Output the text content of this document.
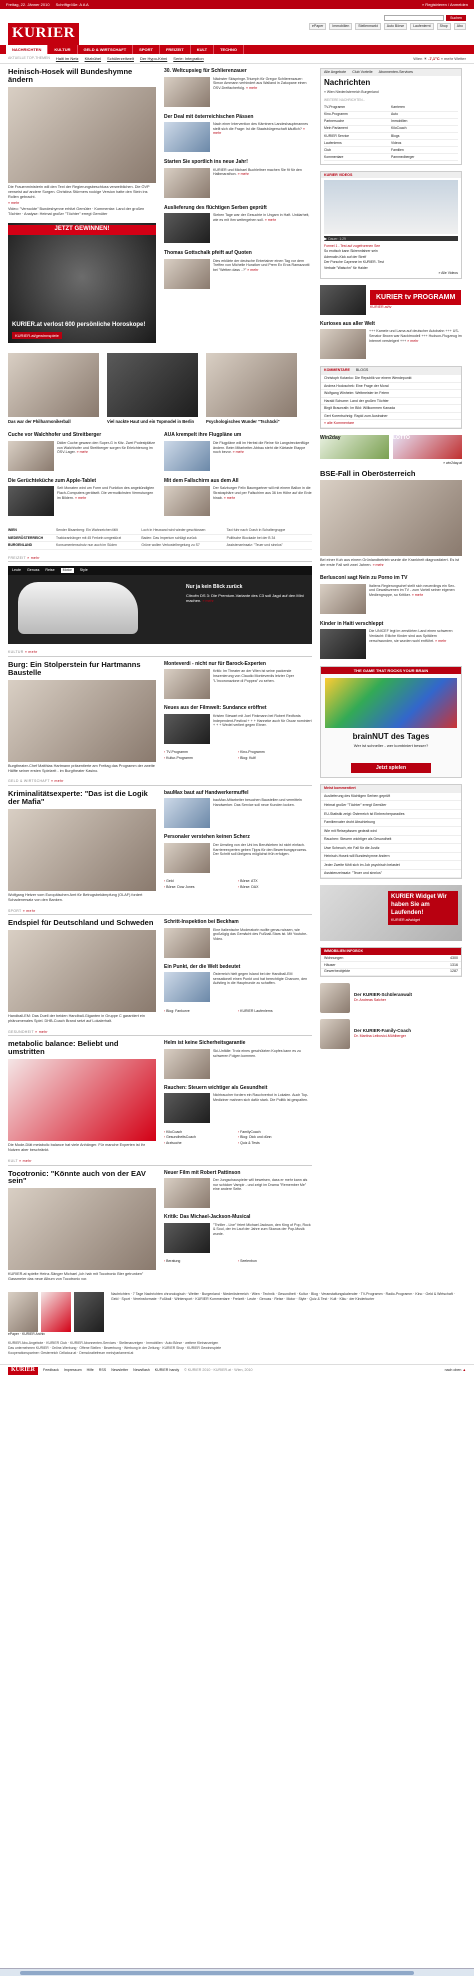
Freitag, 22. Jänner 2010 Schriftgröße: A A A	» Registrieren / Anmelden
KURIER
Suchen
ePaper	Immobilien	Stellenmarkt	Auto Börse	Laufenlernt	Shop	Abo
NACHRICHTEN	KULTUR	GELD & WIRTSCHAFT	SPORT	FREIZEIT	KULT	TECHNO
AKTUELLE TOP-THEMEN Haiti im Netz Kitzbühel Schülerzeitwelt Der Hypo-Krimi Serie: Integration	Wien ☀ -7,1°C » mehr Wetter
Heinisch-Hosek will Bundeshymne ändern
Die Frauenministerin will den Text der Regierungsbeschluss verweiblichen. Die ÖVP verweist auf andere Sorgen. Christina Stürmers rockige Version hatte den Stein ins Rollen gebracht.
» mehr
Video: "Verrockte" Bundeshymne erhitzt Gemüter · Kommentar: Land der großen Töchter · Analyse: Heimat großer "Töchter" erregt Gemüter
JETZT GEWINNEN!
KURIER.at verlost 600 persönliche Horoskope!
KURIER.at/gewinnspiele
30. Weltcupsieg für Schlierenzauer
Nächster Skispringe-Triumph für Gregor Schlierenzauer: Simon Ammann verhindert aus Walland in Zakopane einen ÖSV-Dreifacherfolg. » mehr
Der Deal mit österreichischen Pässen
Nach einer Intervention des Kärntners Landeshauptmannes stellt sich die Frage: Ist die Staatsbürgerschaft käuflich? » mehr
Starten Sie sportlich ins neue Jahr!
KURIER und Michael Buchleitner machen Sie fit für den Halbmarathon. » mehr
Auslieferung des flüchtigen Serben geprüft
Sieben Tage war der Gesuchte in Ungarn in Haft. Unklarheit, wie es mit ihm weitergehen soll. » mehr
Thomas Gottschalk pfeift auf Quoten
Dies erklärte der deutsche Entertainer einen Tag vor dem Treffen von Michelle Hunziker und Prem Ex Eros Ramazzotti bei "Wetten dass ..?" » mehr
Das war der Philharmonikerball	Viel nackte Haut und ein Topmodel in Berlin	Psychologisches Wunder "Tschäcki"
Cuche vor Walchhofer und Streitberger
Didier Cuche gewann den Super-G in Kitz. Zwei Podestplätze von Walchhofer und Streitberger sorgen für Erleichterung im ÖSV-Lager. » mehr
Die Gerüchteküche zum Apple-Tablet
Seit Monaten wird um Form und Funktion des angekündigten Flach-Computers gerätselt. Die vermutlichsten Vermutungen im Bildern. » mehr
AUA krempelt ihre Flugpläne um
Die Flugpläne will im Herbst die Reine für Langstreckenflüge ändern. Beim Mitarbeiter-Abbau steht die Kärtaste Etappe noch bevor. » mehr
Mit dem Fallschirm aus dem All
Der Salzburger Felix Baumgartner will mit einem Ballon in die Stratosphäre und per Fallschirm aus 36 km Höhe auf die Erde hinab. » mehr
WIEN	Sender Bisamberg: Ein Wahrzeichen fällt	Loch in Heuwand wird wieder geschlossen	Taxi fuhr nach Crash in Schaltergruppe
NIEDERÖSTERREICH	Traktoranhänger mit 45 Ferkeln umgestürzt	Baden: Das Imperium schlägt zurück	Politische Blockade bei der B 34
BURGENLAND	Konsumentenschutz nun auch im Süden	Grüne wollen Verkostellregelung zu S7	Assistenzeinsatz: "Teuer und sinnlos"
FREIZEIT » mehr
Leute Genuss Reise	Motor	Style
Nur ja kein Blick zurück
Citroën DS 3: Die Premium-Variante des C3 soll Jagd auf den Mini machen. » mehr
KULTUR » mehr
Burg: Ein Stolperstein fur Hartmanns Baustelle
Burgtheater-Chef Matthias Hartmann präsentierte am Freitag das Programm der zweite Hälfte seiner ersten Spielzeit - im Burgtheater Kasino.
Monteverdi - nicht nur für Barock-Experten
Kritik: Im Theater an der Wien ist seine packende Inszenierung von Claudio Monteverdis letzter Oper "L'Incoronazione di Poppea" zu sehen.
Neues aus der Filmwelt: Sundance eröffnet
Kristen Stewart mit Joel Finkmann bei Robert Redfords Independent-Festival + + + Hanneke auch für Oscar nominiert + + + Wedel verliert gegen Ebner.
› TV-Programm	› Kino-Programm
› Kultur-Programm	› Blog: Kult!
GELD & WIRTSCHAFT » mehr
Kriminalitätsexperte: "Das ist die Logik der Mafia"
Wolfgang Hetzer vom Europäischen Amt für Betrugsbekämpfung (OLAF) fordert Schadenersatz von den Banken.
bauMax baut auf Handwerkermuffel
bauMax-Mitarbeiter besuchen Baustellen und vermitteln Handwerker. Das Service soll neue Kunden locken.
Personaler verstehen keinen Scherz
Der Umstieg von der Uni ins Berufsleben ist nicht einfach. Karriereexperten geben Tipps für den Bewerbungsprozess. Der Schritt soll übrigens möglichst früh erfolgen.
› Geld	› Börse: ATX
› Börse: Dow Jones	› Börse: DAX
SPORT » mehr
Endspiel für Deutschland und Schweden
Handball-EM: Das Duell der beiden Handball-Giganten in Gruppe C garantiert ein phänomenales Spiel. DHB-Coach Brand setzt auf Lokalerhalt.
Schritt-Inspektion bei Beckham
Eine Italienische Moderatorin wollte genau wissen, wie großzügig das Gemächt des Fußball-Stars ist. Mit Youtube-Video.
Ein Punkt, der die Welt bedeutet
Österreich hielt gegen Island bei der Handball-EM sensationell einen Punkt und hat berechtigte Chancen, den Aufstieg in die Hauptrunde zu schaffen.
› Blog: Fankurve	› KURIER Laufenlerns
GESUNDHEIT » mehr
metabolic balance: Beliebt und umstritten
Die Mode-Diät metabolic balance hat viele Anhänger. Für manche Experten ist ihr Nutzen aber beschränkt.
Helm ist keine Sicherheitsgarantie
Ski-Unfälle: Trotz eines geschützten Kopfes kann es zu schweren Folgen kommen.
Rauchen: Steuern wichtiger als Gesundheit
Nichtraucher fordern ein Rauchverbot in Lokalen. Auch Top-Mediziner mahnen sich dafür stark. Die Politik ist gespalten.
› KiloCoach	› FamilyCoach
› GesundheitsCoach	› Blog: Dick und dünn
› Arztsuche	› Quiz & Tests
KULT » mehr
Tocotronic: "Könnte auch von der EAV sein"
KURIER.at spielte Heinz-Sänger Michael „Ich hab mit Tocotronic Bier getrunken" Gassmeier das neue Album von Tocotronic vor.
Neuer Film mit Robert Pattinson
Der Jungschauspieler will beweisen, dass er mehr kann als nur schicker Vampir - und zeigt im Drama "Remember Me" eine andere Seite.
Kritik: Das Michael-Jackson-Musical
"Thriller - Live" feiert Michael Jackson, den King of Pop, Rock & Soul, der im Lauf der Jahre zum Skanus der Pop-Musik wurde.
› Beratung	› Seelenbon
Alle Angebote Club Vorteile Abonnenten-Services
Nachrichten
» Wien Niederösterreich Burgenland
WEITERE NACHRICHTEN...
TV-Programm	Karrieren
Kino-Programm	Auto
Partnersuche	Immobilien
Mein Parlament	KiloCoach
KURIER Service	Blogs
Laufenlerns	Videos
Club	Familien
Kommentare	Pammedberger
KURIER VIDEOS
▶ Dauer: 1:29
Formel 1 - Test auf zugefrorenen See
So erotisch kann Skirennfahrer sein
Adrenalin-Kick auf der Streif
Der Porsche Cayenne im KURIER- Test
Verbale "Watschn" für Haider
» Alle Videos
KURIER tv PROGRAMM
KURIER.at/tv
Kurioses aus aller Welt
+++ Kamele und Lama auf deutscher Autobahn +++ US-Senator Brown war Nacktmodell +++ Hudson-Flugzeug im Internet versteigert +++ » mehr
KOMMENTARE BLOGS
Christoph Kotanko: Die Republik vor einem Wendepunkt
Andrea Hodoschek: Eine Frage der Moral
Wolfgang Winheim: Weltmeister im Feiern
Harald Schume: Land der großen Töchter
Birgit Braunrath: Im Bild: Willkommen Kanada
Gert Korentschnig: Rapid zum Austrainer
» alle Kommentare
Win2day	LOTTO
» win2day.at
BSE-Fall in Oberösterreich
Bei einer Kuh aus einem Grünlandbetrieb wurde die Krankheit diagnostiziert. Es ist der erste Fall seit zwei Jahren. » mehr
Berlusconi sagt Nein zu Porno im TV
Italiens Regierungschef stellt sich neuerdings ein Sex- und Gewaltszenen im TV - zum Vorteil seiner eigenen Mediengruppe, so Kritiker. » mehr
Kinder in Haiti verschleppt
Die UNICEF legt im zerstörten Land einen schweren Verdacht: Etliche Kinder sind aus Spitälern verschwunden, sie wurden wohl entführt. » mehr
THE GAME THAT ROCKS YOUR BRAIN
brainNUT des Tages
Wer ist schneller - wer kombiniert besser?
Jetzt spielen
Meist kommentiert
Auslieferung des flüchtigen Serben geprüft
Heimat großer "Töchter" erregt Gemüter
EU-Statistik zeigt: Österreich ist Einbrecherparadies
Familienvater droht Abschiebung
Wie mit Reisepässen gedealt wird
Rauchen: Steuern wichtiger als Gesundheit
Uwe Scheuch, ein Fall für die Justiz
Heinisch-Hosek will Bundeshymne ändern
Jeder Zweite fühlt sich im Job psychisch belastet
Assistenzeinsatz: "Teuer und sinnlos"
KURIER Widget Wir haben Sie am Laufenden!
KURIER.at/widget
IMMOBILIEN INFOBOX
Wohnungen	4300
Häuser	1316
Gewerbeobjekte	1287
Der KURIER-Schüleranwalt
Dr. Andreas Salcher
Der KURIER-Family-Coach
Dr. Martina Leibovici-Mühlberger
ePaper · KURIER Archiv
Nachrichten · 7 Tage Nachrichten chronologisch · Wetter · Burgenland · Niederösterreich · Wien · Technik · Gesundheit · Kultur · Blog · Veranstaltungskalender · TV-Programm · Radio-Programm · Kino · Geld & Wirtschaft · Geld · Sport · Vereinsformate · Fußball · Wintersport · KURIER Kommentare · Freizeit · Leute · Genuss · Reise · Motor · Style · Quiz & Test · Kult · Kiku · der Kinderkurier
KURIER Abo-Angebote · KURIER Club · KURIER Abonnenten-Services · Stellenanzeigen · Immobilien · Auto Börse · weitere Kleinanzeigen
Das unternehmen KURIER · Online-Werbung · Offene Stellen · Bewerbung · Werbung in der Zeitung · KURIER Shop · KURIER Gewinnspiele
Kooperationspartner: Oesterreich Cellatour.at · Demokratiefreum mein/parlament.at
KURIER	Feedback Impressum Hilfe RSS Newsletter Newsflash KURIER handy © KURIER 2010 · KURIER.at · Wien, 2010	nach oben ▲
